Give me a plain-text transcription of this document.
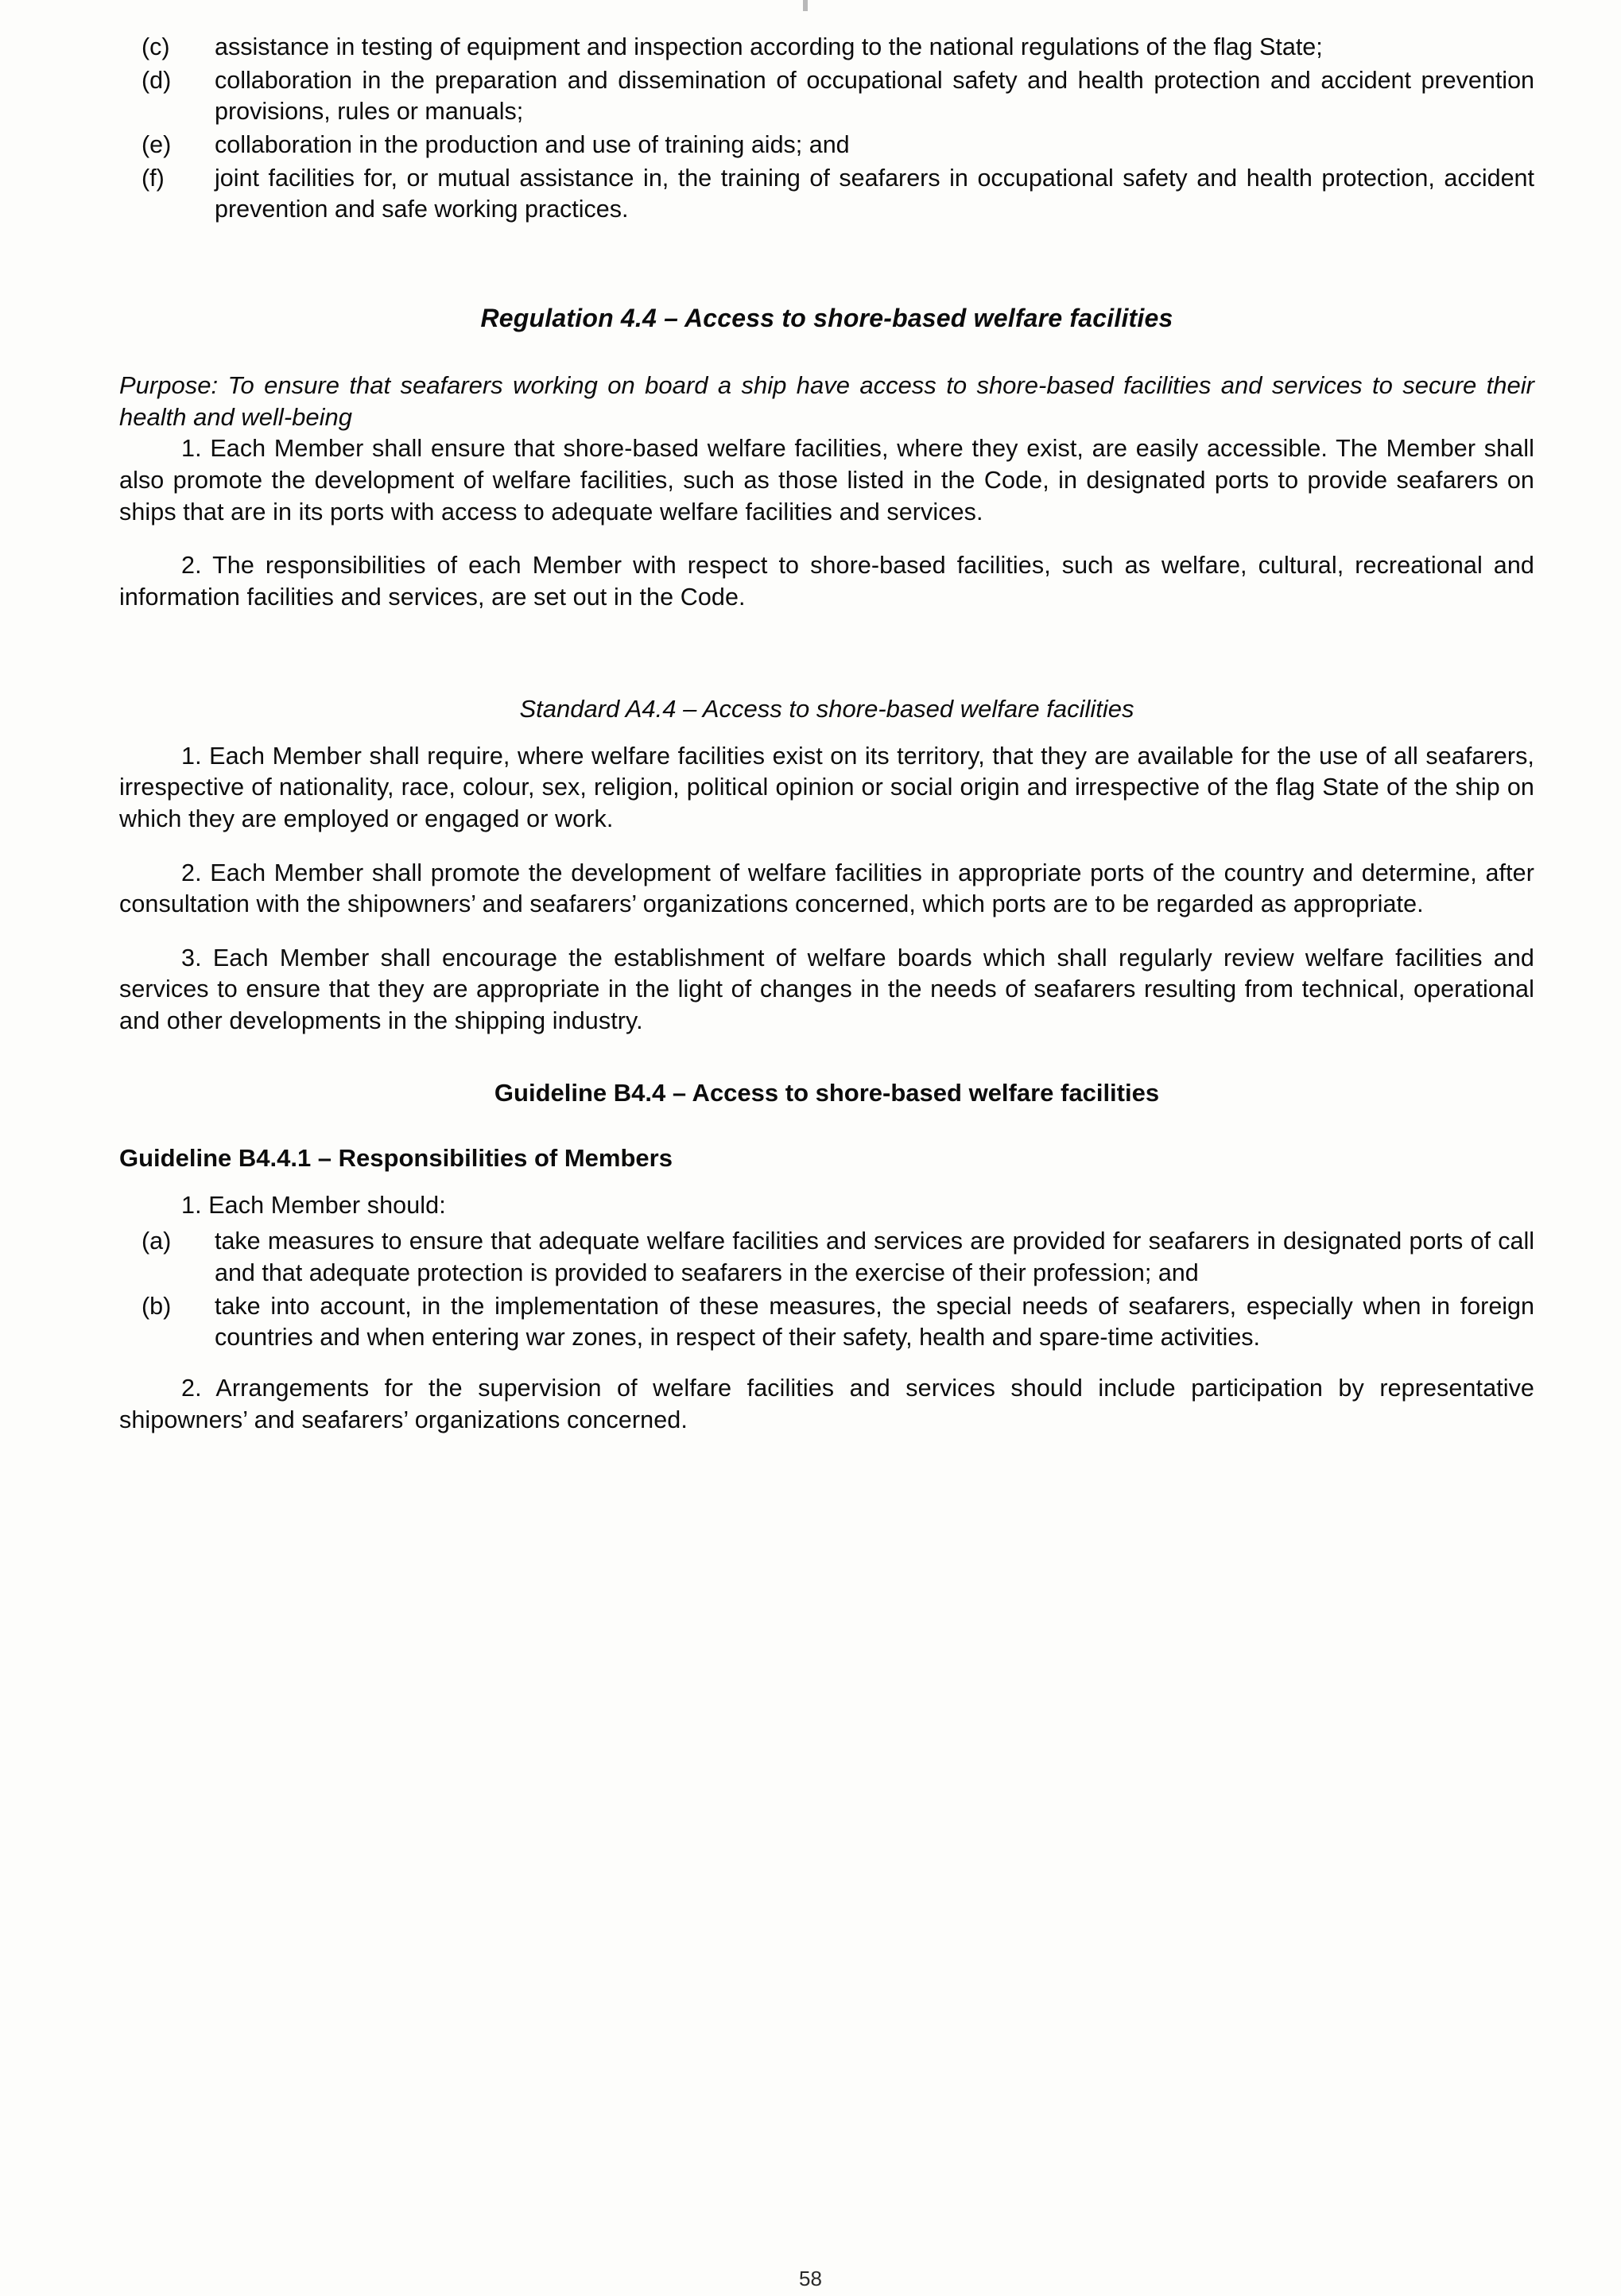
(c)	assistance in testing of equipment and inspection according to the national regulations of the flag State;
(d)	collaboration in the preparation and dissemination of occupational safety and health protection and accident prevention provisions, rules or manuals;
(e)	collaboration in the production and use of training aids; and
(f)	joint facilities for, or mutual assistance in, the training of seafarers in occupational safety and health protection, accident prevention and safe working practices.
Regulation 4.4 – Access to shore-based welfare facilities

Purpose: To ensure that seafarers working on board a ship have access to shore-based facilities and services to secure their health and well-being

1. Each Member shall ensure that shore-based welfare facilities, where they exist, are easily accessible. The Member shall also promote the development of welfare facilities, such as those listed in the Code, in designated ports to provide seafarers on ships that are in its ports with access to adequate welfare facilities and services.

2. The responsibilities of each Member with respect to shore-based facilities, such as welfare, cultural, recreational and information facilities and services, are set out in the Code.

Standard A4.4 – Access to shore-based welfare facilities

1. Each Member shall require, where welfare facilities exist on its territory, that they are available for the use of all seafarers, irrespective of nationality, race, colour, sex, religion, political opinion or social origin and irrespective of the flag State of the ship on which they are employed or engaged or work.

2. Each Member shall promote the development of welfare facilities in appropriate ports of the country and determine, after consultation with the shipowners’ and seafarers’ organizations concerned, which ports are to be regarded as appropriate.

3. Each Member shall encourage the establishment of welfare boards which shall regularly review welfare facilities and services to ensure that they are appropriate in the light of changes in the needs of seafarers resulting from technical, operational and other developments in the shipping industry.

Guideline B4.4 – Access to shore-based welfare facilities
Guideline B4.4.1 – Responsibilities of Members

1. Each Member should:

(a)	take measures to ensure that adequate welfare facilities and services are provided for seafarers in designated ports of call and that adequate protection is provided to seafarers in the exercise of their profession; and
(b)	take into account, in the implementation of these measures, the special needs of seafarers, especially when in foreign countries and when entering war zones, in respect of their safety, health and spare-time activities.

2. Arrangements for the supervision of welfare facilities and services should include participation by representative shipowners’ and seafarers’ organizations concerned.

58
